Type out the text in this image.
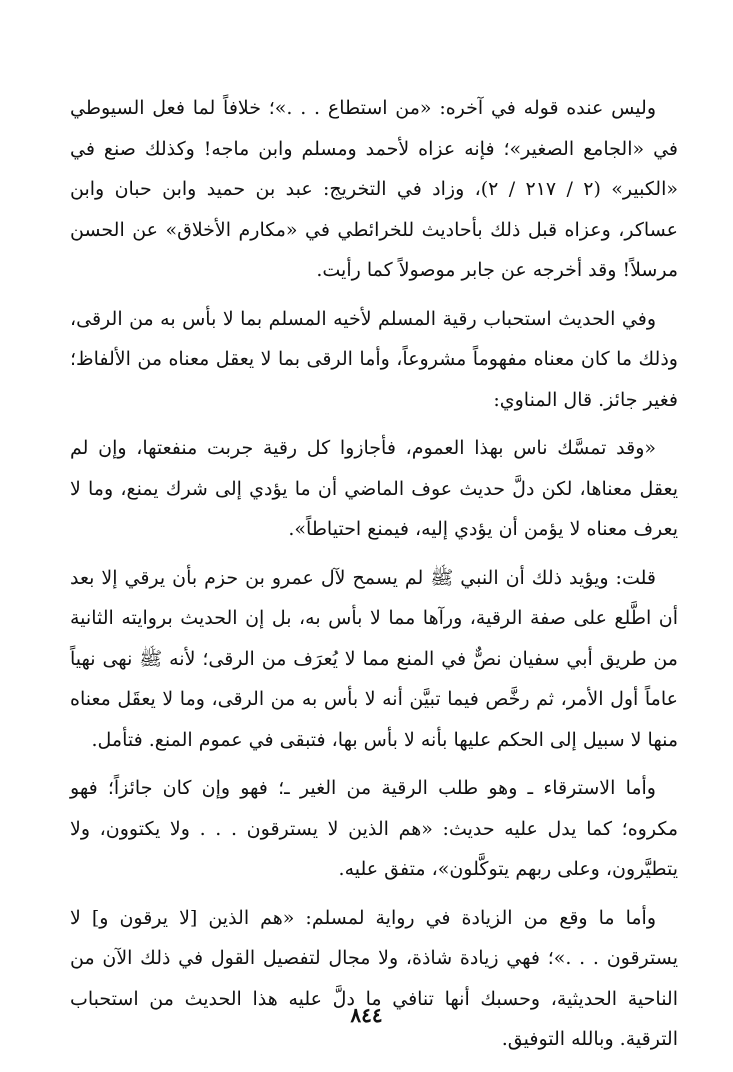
وليس عنده قوله في آخره: «من استطاع . . .»؛ خلافاً لما فعل السيوطي في «الجامع الصغير»؛ فإنه عزاه لأحمد ومسلم وابن ماجه! وكذلك صنع في «الكبير» (٢ / ٢١٧ / ٢)، وزاد في التخريج: عبد بن حميد وابن حبان وابن عساكر، وعزاه قبل ذلك بأحاديث للخرائطي في «مكارم الأخلاق» عن الحسن مرسلاً! وقد أخرجه عن جابر موصولاً كما رأيت.

وفي الحديث استحباب رقية المسلم لأخيه المسلم بما لا بأس به من الرقى، وذلك ما كان معناه مفهوماً مشروعاً، وأما الرقى بما لا يعقل معناه من الألفاظ؛ فغير جائز. قال المناوي:

«وقد تمسَّك ناس بهذا العموم، فأجازوا كل رقية جربت منفعتها، وإن لم يعقل معناها، لكن دلَّ حديث عوف الماضي أن ما يؤدي إلى شرك يمنع، وما لا يعرف معناه لا يؤمن أن يؤدي إليه، فيمنع احتياطاً».

قلت: ويؤيد ذلك أن النبي ﷺ لم يسمح لآل عمرو بن حزم بأن يرقي إلا بعد أن اطَّلع على صفة الرقية، ورآها مما لا بأس به، بل إن الحديث بروايته الثانية من طريق أبي سفيان نصٌّ في المنع مما لا يُعرَف من الرقى؛ لأنه ﷺ نهى نهياً عاماً أول الأمر، ثم رخَّص فيما تبيَّن أنه لا بأس به من الرقى، وما لا يعقَل معناه منها لا سبيل إلى الحكم عليها بأنه لا بأس بها، فتبقى في عموم المنع. فتأمل.

وأما الاسترقاء ـ وهو طلب الرقية من الغير ـ؛ فهو وإن كان جائزاً؛ فهو مكروه؛ كما يدل عليه حديث: «هم الذين لا يسترقون . . . ولا يكتوون، ولا يتطيَّرون، وعلى ربهم يتوكَّلون»، متفق عليه.

وأما ما وقع من الزيادة في رواية لمسلم: «هم الذين [لا يرقون و] لا يسترقون . . .»؛ فهي زيادة شاذة، ولا مجال لتفصيل القول في ذلك الآن من الناحية الحديثية، وحسبك أنها تنافي ما دلَّ عليه هذا الحديث من استحباب الترقية. وبالله التوفيق.

٨٤٤
